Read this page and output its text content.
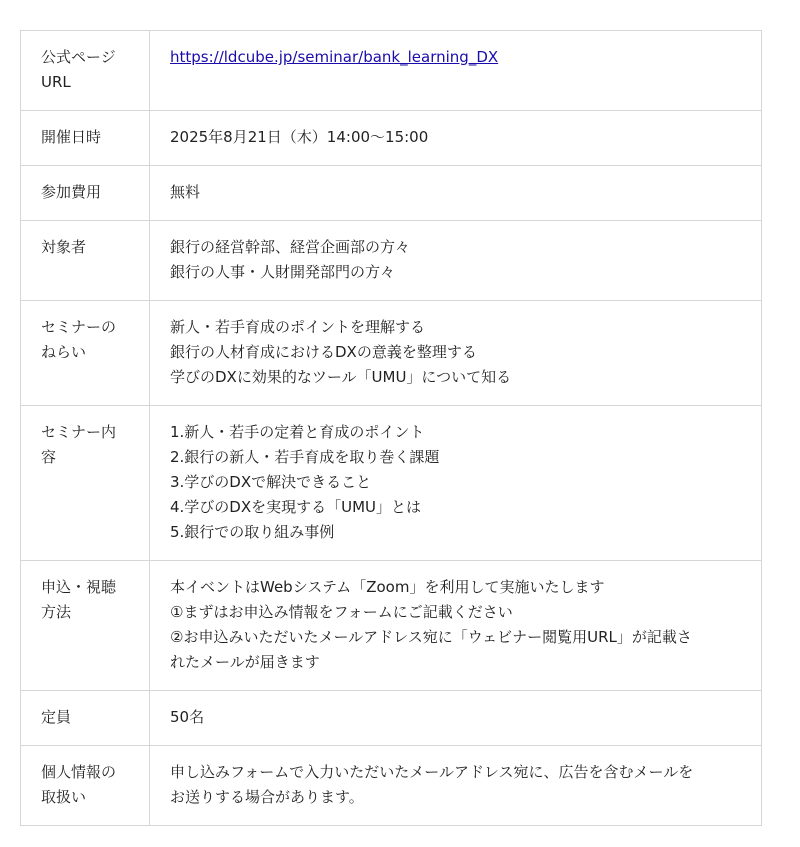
公式ページ
URL	https://ldcube.jp/seminar/bank_learning_DX

開催日時	2025年8月21日（木）14:00〜15:00

参加費用	無料

対象者	銀行の経営幹部、経営企画部の方々
銀行の人事・人財開発部門の方々

セミナーの
ねらい	新人・若手育成のポイントを理解する
銀行の人材育成におけるDXの意義を整理する
学びのDXに効果的なツール「UMU」について知る

セミナー内
容	1.新人・若手の定着と育成のポイント
2.銀行の新人・若手育成を取り巻く課題
3.学びのDXで解決できること
4.学びのDXを実現する「UMU」とは
5.銀行での取り組み事例

申込・視聴
方法	本イベントはWebシステム「Zoom」を利用して実施いたします
①まずはお申込み情報をフォームにご記載ください
②お申込みいただいたメールアドレス宛に「ウェビナー閲覧用URL」が記載さ
れたメールが届きます

定員	50名

個人情報の
取扱い	申し込みフォームで入力いただいたメールアドレス宛に、広告を含むメールを
お送りする場合があります。
